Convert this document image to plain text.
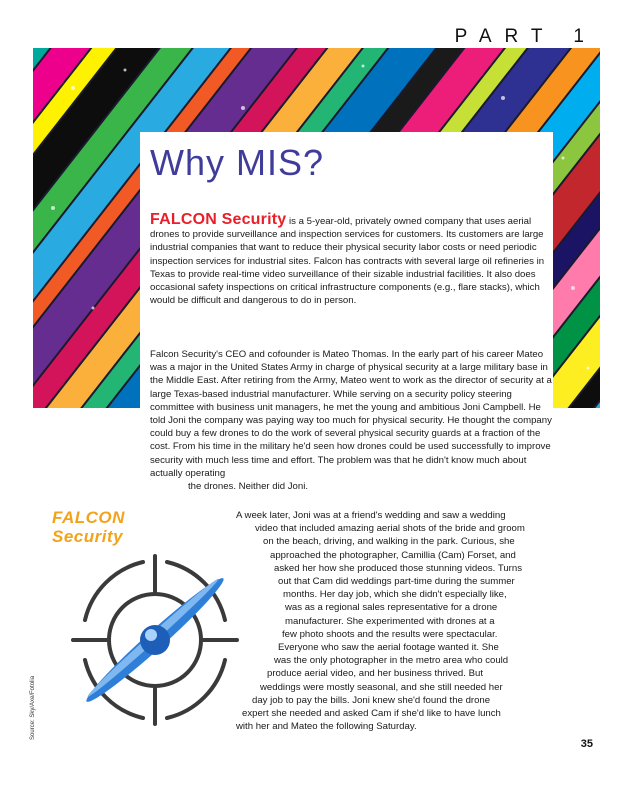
PART 1
Why MIS?
FALCON Security is a 5-year-old, privately owned company that uses aerial drones to provide surveillance and inspection services for customers. Its customers are large industrial companies that want to reduce their physical security labor costs or need periodic inspection services for industrial sites. Falcon has contracts with several large oil refineries in Texas to provide real-time video surveillance of their sizable industrial facilities. It also does occasional safety inspections on critical infrastructure components (e.g., flare stacks), which would be difficult and dangerous to do in person.
Falcon Security's CEO and cofounder is Mateo Thomas. In the early part of his career Mateo was a major in the United States Army in charge of physical security at a large military base in the Middle East. After retiring from the Army, Mateo went to work as the director of security at a large Texas-based industrial manufacturer. While serving on a security policy steering committee with business unit managers, he met the young and ambitious Joni Campbell. He told Joni the company was paying way too much for physical security. He thought the company could buy a few drones to do the work of several physical security guards at a fraction of the cost. From his time in the military he'd seen how drones could be used successfully to improve security with much less time and effort. The problem was that he didn't know much about actually operating
the drones. Neither did Joni.
FALCON
Security
Source: Sky/Axe/Fotolia
A week later, Joni was at a friend's wedding and saw a wedding
video that included amazing aerial shots of the bride and groom
on the beach, driving, and walking in the park. Curious, she
approached the photographer, Camillia (Cam) Forset, and
asked her how she produced those stunning videos. Turns
out that Cam did weddings part-time during the summer
months. Her day job, which she didn't especially like,
was as a regional sales representative for a drone
manufacturer. She experimented with drones at a
few photo shoots and the results were spectacular.
Everyone who saw the aerial footage wanted it. She
was the only photographer in the metro area who could
produce aerial video, and her business thrived. But
weddings were mostly seasonal, and she still needed her
day job to pay the bills. Joni knew she'd found the drone
expert she needed and asked Cam if she'd like to have lunch
with her and Mateo the following Saturday.
35
